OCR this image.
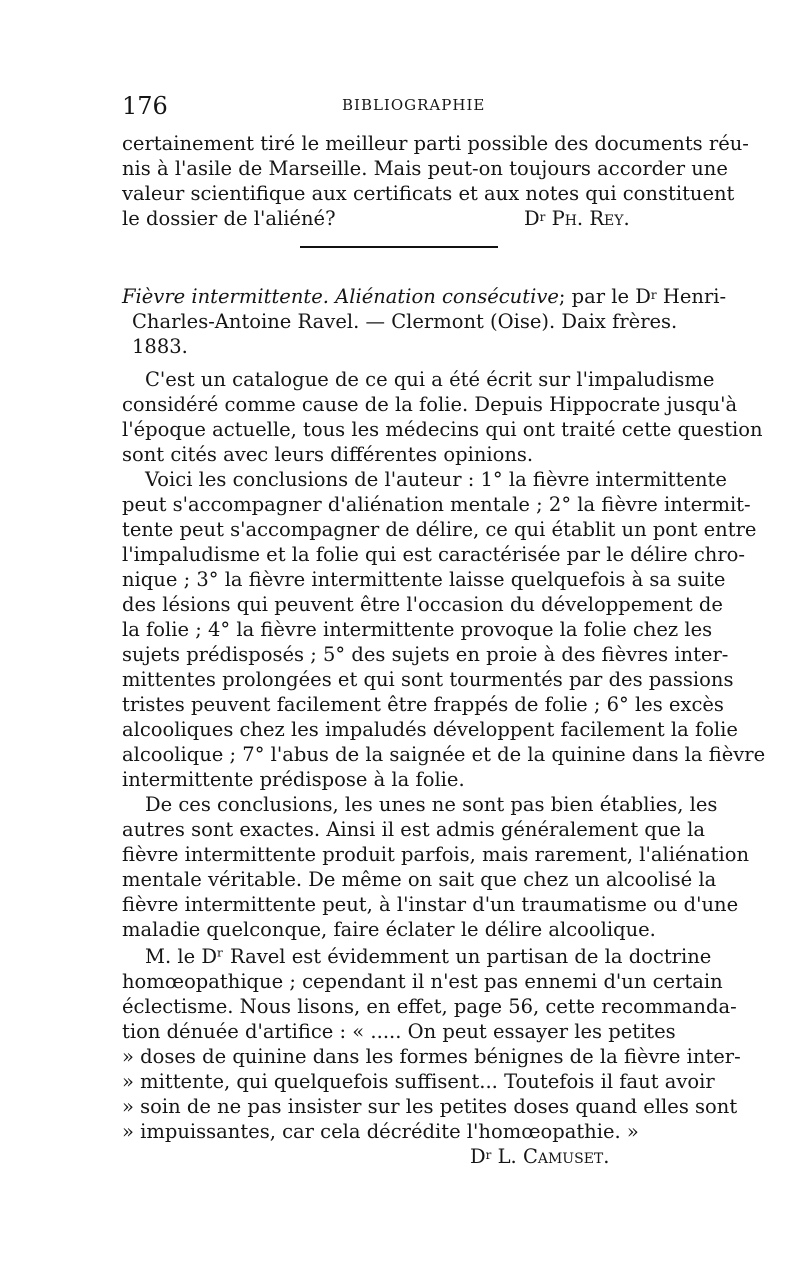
176	BIBLIOGRAPHIE
certainement tiré le meilleur parti possible des documents réu-
nis à l'asile de Marseille. Mais peut-on toujours accorder une
valeur scientifique aux certificats et aux notes qui constituent
le dossier de l'aliéné?	$D^r$ Ph. Rey.
Fièvre intermittente. Aliénation consécutive; par le $D^r$ Henri-
Charles-Antoine Ravel. — Clermont (Oise). Daix frères.
1883.
C'est un catalogue de ce qui a été écrit sur l'impaludisme
considéré comme cause de la folie. Depuis Hippocrate jusqu'à
l'époque actuelle, tous les médecins qui ont traité cette question
sont cités avec leurs différentes opinions.
Voici les conclusions de l'auteur : 1° la fièvre intermittente
peut s'accompagner d'aliénation mentale ; 2° la fièvre intermit-
tente peut s'accompagner de délire, ce qui établit un pont entre
l'impaludisme et la folie qui est caractérisée par le délire chro-
nique ; 3° la fièvre intermittente laisse quelquefois à sa suite
des lésions qui peuvent être l'occasion du développement de
la folie ; 4° la fièvre intermittente provoque la folie chez les
sujets prédisposés ; 5° des sujets en proie à des fièvres inter-
mittentes prolongées et qui sont tourmentés par des passions
tristes peuvent facilement être frappés de folie ; 6° les excès
alcooliques chez les impaludés développent facilement la folie
alcoolique ; 7° l'abus de la saignée et de la quinine dans la fièvre
intermittente prédispose à la folie.
De ces conclusions, les unes ne sont pas bien établies, les
autres sont exactes. Ainsi il est admis généralement que la
fièvre intermittente produit parfois, mais rarement, l'aliénation
mentale véritable. De même on sait que chez un alcoolisé la
fièvre intermittente peut, à l'instar d'un traumatisme ou d'une
maladie quelconque, faire éclater le délire alcoolique.
M. le Dʳ Ravel est évidemment un partisan de la doctrine
homœopathique ; cependant il n'est pas ennemi d'un certain
éclectisme. Nous lisons, en effet, page 56, cette recommanda-
tion dénuée d'artifice : « ..... On peut essayer les petites
» doses de quinine dans les formes bénignes de la fièvre inter-
» mittente, qui quelquefois suffisent... Toutefois il faut avoir
» soin de ne pas insister sur les petites doses quand elles sont
» impuissantes, car cela décrédite l'homœopathie. »
$D^r$ L. Camuset.
